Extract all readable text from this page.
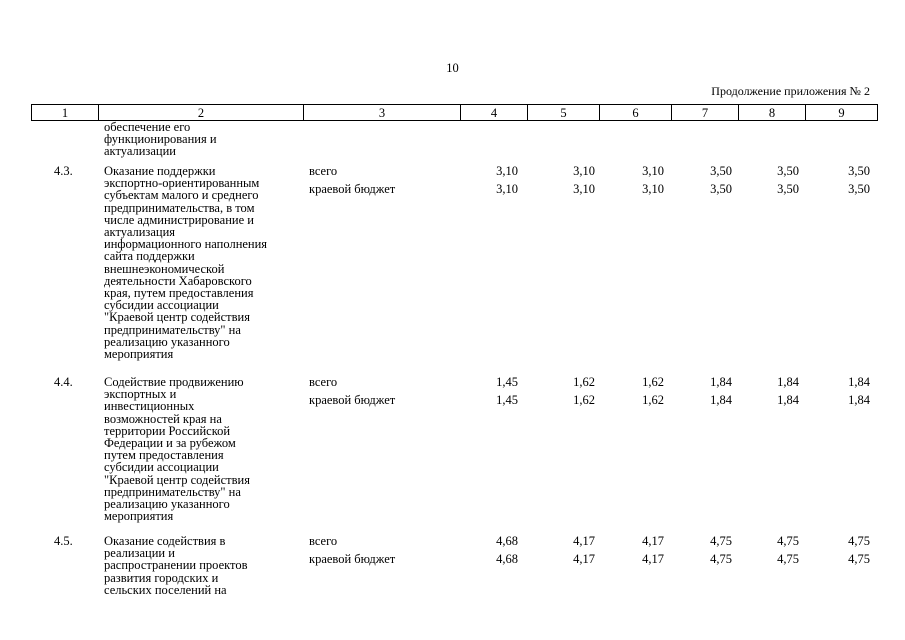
10
Продолжение приложения № 2
1	2	3	4	5	6	7	8	9
обеспечение его
функционирования и
актуализации
4.3.	Оказание поддержки
экспортно-ориентированным
субъектам малого и среднего
предпринимательства, в том
числе администрирование и
актуализация
информационного наполнения
сайта поддержки
внешнеэкономической
деятельности Хабаровского
края, путем предоставления
субсидии ассоциации
"Краевой центр содействия
предпринимательству" на
реализацию указанного
мероприятия
всего	3,10	3,10	3,10	3,50	3,50	3,50
краевой бюджет	3,10	3,10	3,10	3,50	3,50	3,50
4.4.	Содействие продвижению
экспортных и
инвестиционных
возможностей края на
территории Российской
Федерации и за рубежом
путем предоставления
субсидии ассоциации
"Краевой центр содействия
предпринимательству" на
реализацию указанного
мероприятия
всего	1,45	1,62	1,62	1,84	1,84	1,84
краевой бюджет	1,45	1,62	1,62	1,84	1,84	1,84
4.5.	Оказание содействия в
реализации и
распространении проектов
развития городских и
сельских поселений на
всего	4,68	4,17	4,17	4,75	4,75	4,75
краевой бюджет	4,68	4,17	4,17	4,75	4,75	4,75
